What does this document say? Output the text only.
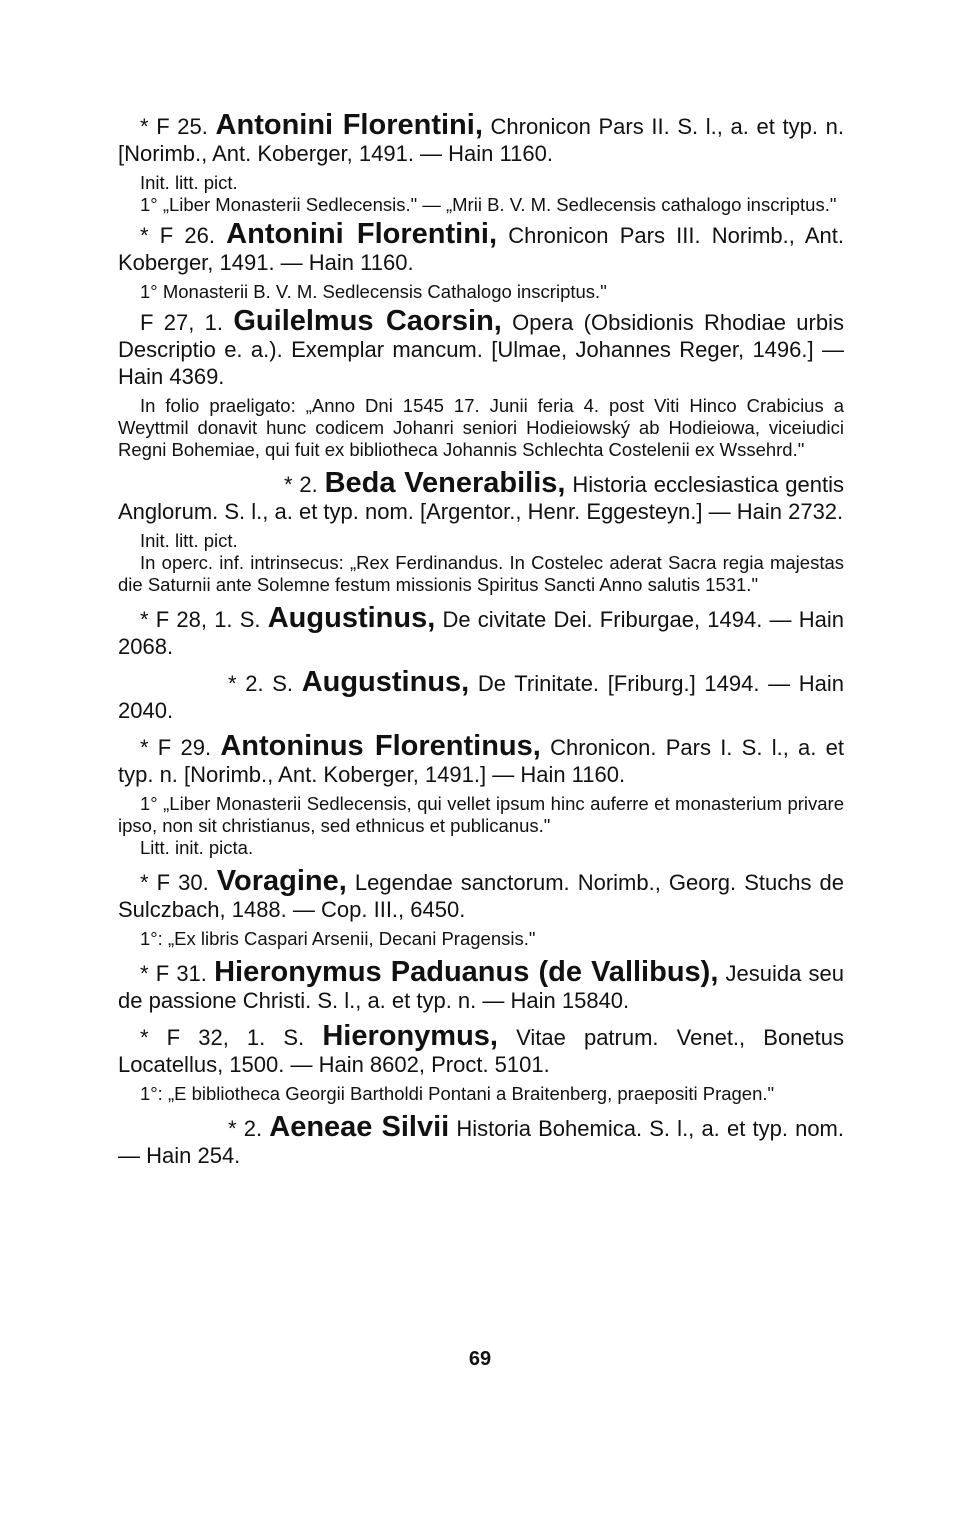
* F 25. Antonini Florentini, Chronicon Pars II. S. l., a. et typ. n. [Norimb., Ant. Koberger, 1491. — Hain 1160.
Init. litt. pict.
1° „Liber Monasterii Sedlecensis." — „Mrii B. V. M. Sedlecensis cathalogo inscriptus."
* F 26. Antonini Florentini, Chronicon Pars III. Norimb., Ant. Koberger, 1491. — Hain 1160.
1° Monasterii B. V. M. Sedlecensis Cathalogo inscriptus."
F 27, 1. Guilelmus Caorsin, Opera (Obsidionis Rhodiae urbis Descriptio e. a.). Exemplar mancum. [Ulmae, Johannes Reger, 1496.] — Hain 4369.
In folio praeligato: „Anno Dni 1545 17. Junii feria 4. post Viti Hinco Crabicius a Weyttmil donavit hunc codicem Johanri seniori Hodieiowský ab Hodieiowa, viceiudici Regni Bohemiae, qui fuit ex bibliotheca Johannis Schlechta Costelenii ex Wssehrd."
* 2. Beda Venerabilis, Historia ecclesiastica gentis Anglorum. S. l., a. et typ. nom. [Argentor., Henr. Eggesteyn.] — Hain 2732.
Init. litt. pict.
In operc. inf. intrinsecus: „Rex Ferdinandus. In Costelec aderat Sacra regia majestas die Saturnii ante Solemne festum missionis Spiritus Sancti Anno salutis 1531."
* F 28, 1. S. Augustinus, De civitate Dei. Friburgae, 1494. — Hain 2068.
* 2. S. Augustinus, De Trinitate. [Friburg.] 1494. — Hain 2040.
* F 29. Antoninus Florentinus, Chronicon. Pars I. S. l., a. et typ. n. [Norimb., Ant. Koberger, 1491.] — Hain 1160.
1° „Liber Monasterii Sedlecensis, qui vellet ipsum hinc auferre et monasterium privare ipso, non sit christianus, sed ethnicus et publicanus."
Litt. init. picta.
* F 30. Voragine, Legendae sanctorum. Norimb., Georg. Stuchs de Sulczbach, 1488. — Cop. III., 6450.
1°: „Ex libris Caspari Arsenii, Decani Pragensis."
* F 31. Hieronymus Paduanus (de Vallibus), Jesuida seu de passione Christi. S. l., a. et typ. n. — Hain 15840.
* F 32, 1. S. Hieronymus, Vitae patrum. Venet., Bonetus Locatellus, 1500. — Hain 8602, Proct. 5101.
1°: „E bibliotheca Georgii Bartholdi Pontani a Braitenberg, praepositi Pragen."
* 2. Aeneae Silvii Historia Bohemica. S. l., a. et typ. nom. — Hain 254.
69
